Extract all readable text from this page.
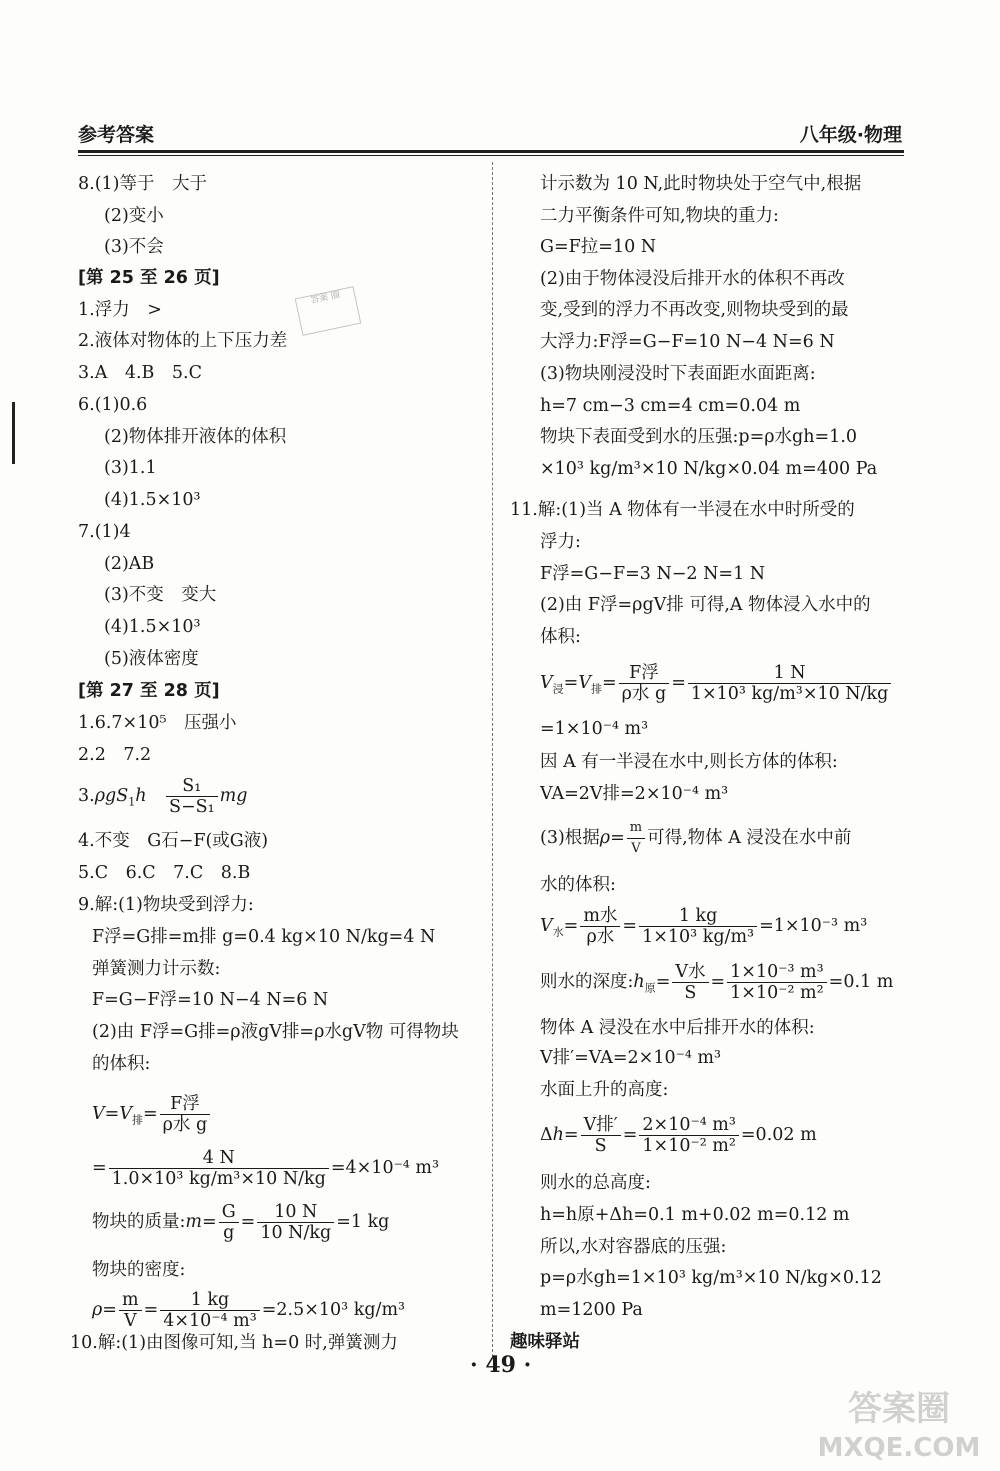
参考答案	八年级·物理
答案 圈
8.(1)等于　大于
(2)变小
(3)不会
[第 25 至 26 页]
1.浮力　>
2.液体对物体的上下压力差
3.A　4.B　5.C
6.(1)0.6
(2)物体排开液体的体积
(3)1.1
(4)1.5×10³
7.(1)4
(2)AB
(3)不变　变大
(4)1.5×10³
(5)液体密度
[第 27 至 28 页]
1.6.7×10⁵　压强小
2.2　7.2
3.ρgS$_1$h　 $\frac{\text{S₁}}{\text{S−S₁}}$ mg
4.不变　G石−F(或G液)
5.C　6.C　7.C　8.B
9.解:(1)物块受到浮力:
F浮=G排=m排 g=0.4 kg×10 N/kg=4 N
弹簧测力计示数:
F=G−F浮=10 N−4 N=6 N
(2)由 F浮=G排=ρ液gV排=ρ水gV物 可得物块
的体积:
$V=V_排= \frac{\text{F浮}}{\text{ρ水 g}}$
= $\frac{4 N}{\text{1.0×10³ kg/m³×10 N/kg}} =4\times 10^{-4}$ m³
物块的质量:m= $\frac{G}{g} = \frac{10 N}{10 N/kg} =1$ kg
物块的密度:
$\rho= \frac{m}{V} = \frac{1 kg}{\text{4×10⁻⁴ m³}} =2.5\times 10^3$ kg/m³
10.解:(1)由图像可知,当 h=0 时,弹簧测力
计示数为 10 N,此时物块处于空气中,根据
二力平衡条件可知,物块的重力:
G=F拉=10 N
(2)由于物体浸没后排开水的体积不再改
变,受到的浮力不再改变,则物块受到的最
大浮力:F浮=G−F=10 N−4 N=6 N
(3)物块刚浸没时下表面距水面距离:
h=7 cm−3 cm=4 cm=0.04 m
物块下表面受到水的压强:p=ρ水gh=1.0
×10³ kg/m³×10 N/kg×0.04 m=400 Pa
11.解:(1)当 A 物体有一半浸在水中时所受的
浮力:
F浮=G−F=3 N−2 N=1 N
(2)由 F浮=ρgV排 可得,A 物体浸入水中的
体积:
$V_浸=V_排= \frac{\text{F浮}}{\text{ρ水 g}} = \frac{1 N}{\text{1×10³ kg/m³×10 N/kg}}$
=1×10⁻⁴ m³
因 A 有一半浸在水中,则长方体的体积:
VA=2V排=2×10⁻⁴ m³
(3)根据$\rho= \frac{m}{V}$ 可得,物体 A 浸没在水中前
水的体积:
$V_水= \frac{\text{m水}}{\text{ρ水}} = \frac{1 kg}{\text{1×10³ kg/m³}} =1\times 10^{-3}$ m³
则水的深度$:h_原= \frac{\text{V水}}{S} = \frac{\text{1×10⁻³ m³}}{\text{1×10⁻² m²}} =0.1$ m
物体 A 浸没在水中后排开水的体积:
V排′=VA=2×10⁻⁴ m³
水面上升的高度:
$\Delta h= \frac{\text{V排′}}{S} = \frac{\text{2×10⁻⁴ m³}}{\text{1×10⁻² m²}} =0.02$ m
则水的总高度:
h=h原+Δh=0.1 m+0.02 m=0.12 m
所以,水对容器底的压强:
p=ρ水gh=1×10³ kg/m³×10 N/kg×0.12
m=1200 Pa
趣味驿站
· 49 ·
答案圈
MXQE.COM
